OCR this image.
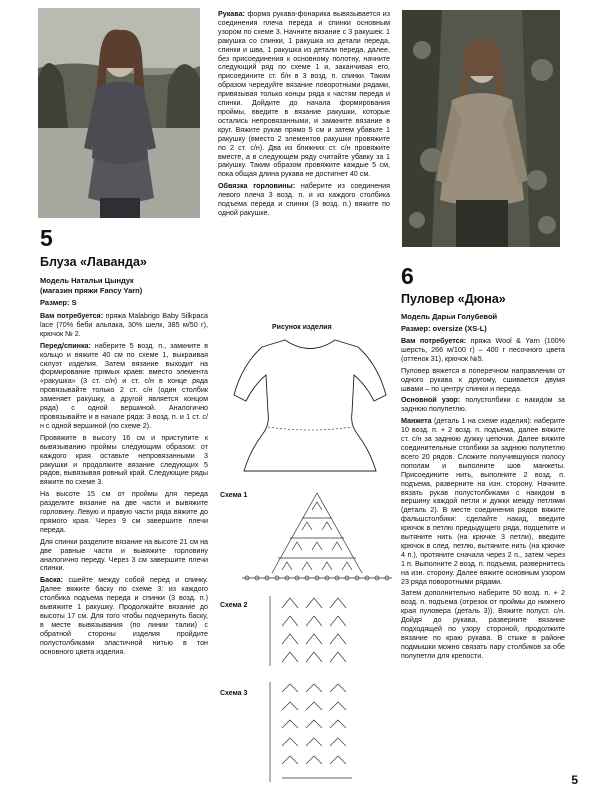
5
Блуза «Лаванда»
Модель Натальи Цындук
(магазин пряжи Fancy Yarn)
Размер: S

Вам потребуется: пряжа Malabrigo Baby Silkpaca lace (70% беби альпака, 30% шелк, 385 м/50 г), крючок № 2.

Перед/спинка: наберите 5 возд. п., замкните в кольцо и вяжите 40 см по схеме 1, выкраивая силуэт изделия. Затем вязание выходит на формирование прямых краев: вместо элемента «ракушка» (3 ст. с/н) и ст. с/н в конце ряда провязывайте только 2 ст. с/н (один столбик заменяет ракушку, а другой является концом ряда) с одной вершиной. Аналогично провязывайте и в начале ряда: 3 возд. п. и 1 ст. с/н с одной вершиной (по схеме 2).

Провяжите в высоту 16 см и приступите к вывязыванию проймы следующим образом: от каждого края оставьте непровязанными 3 ракушки и продолжите вязание следующих 5 рядов, вывязывая ровный край. Следующие ряды вяжите по схеме 3.

На высоте 15 см от проймы для переда разделите вязание на две части и вывяжите горловину. Левую и правую части ряда вяжите до прямого края. Через 9 см завершите плечи переда.

Для спинки разделите вязание на высоте 21 см на две равные части и вывяжите горловину аналогично переду. Через 3 см завершите плечи спинки.

Баска: сшейте между собой перед и спинку. Далее вяжите баску по схеме 3: из каждого столбика подъема переда и спинки (3 возд. п.) вывяжите 1 ракушку. Продолжайте вязание до высоты 17 см. Для того чтобы подчеркнуть баску, в месте вывязывания (по линии талии) с обратной стороны изделия пройдите полустолбиками эластичной нитью в тон основного цвета изделия.

Рукава: форма рукава-фонарика вывязывается из соединения плеча переда и спинки основным узором по схеме 3. Начните вязание с 3 ракушек: 1 ракушка со спинки, 1 ракушка из детали переда, спинки и шва, 1 ракушка из детали переда, далее, без присоединения к основному полотну, начните следующий ряд по схеме 1 и, заканчивая его, присоедините ст. б/н в 3 возд. п. спинки. Таким образом чередуйте вязание поворотными рядами, привязывая только концы ряда к частям переда и спинки. Дойдите до начала формирования проймы, введите в вязание ракушки, которые остались непровязанными, и замкните вязание в круг. Вяжите рукав прямо 5 см и затем убавьте 1 ракушку (вместо 2 элементов ракушки провяжите по 2 ст. с/н). Два из ближних ст. с/н провяжите вместе, а в следующем ряду считайте убавку за 1 ракушку. Таким образом провяжите каждые 5 см, пока общая длина рукава не достигнет 40 см.

Обвязка горловины: наберите из соединения левого плеча 3 возд. п. и из каждого столбика подъема переда и спинки (3 возд. п.) вяжите по одной ракушке.

Рисунок изделия
Схема 1
Схема 2
Схема 3
6
Пуловер «Дюна»
Модель Дарьи Голубевой
Размер: oversize (XS-L)

Вам потребуется: пряжа Wool & Yarn (100% шерсть, 266 м/100 г) – 400 г песочного цвета (оттенок 31), крючок №5.

Пуловер вяжется в поперечном направлении от одного рукава к другому, сшивается двумя швами – по центру спинки и переда.

Основной узор: полустолбики с накидом за заднюю полупетлю.

Манжета (деталь 1 на схеме изделия): наберите 10 возд. п. + 2 возд. п. подъема, далее вяжите ст. с/н за заднюю дужку цепочки. Далее вяжите соединительные столбики за заднюю полупетлю всего 20 рядов. Сложите получившуюся полосу пополам и выполните шов манжеты. Присоедините нить, выполните 2 возд. п. подъема, разверните на изн. сторону. Начните вязать рукав полустолбиками с накидом в вершину каждой петли и дужки между петлями (деталь 2). В месте соединения рядов вяжите фальшстолбики: сделайте накид, введите крючок в петлю предыдущего ряда, подцепите и вытяните нить (на крючке 3 петли), введите крючок в след. петлю, вытяните нить (на крючке 4 п.), протяните сначала через 2 п., затем через 1 п. Выполните 2 возд. п. подъема, развернитесь на изн. сторону. Далее вяжите основным узором 23 ряда поворотными рядами.

Затем дополнительно наберите 50 возд. п. + 2 возд. п. подъема (отрезок от проймы до нижнего края пуловера (деталь 3)). Вяжите полуст. с/н. Дойдя до рукава, разверните вязание подходящей по узору стороной, продолжите вязание по краю рукава. В стыке в районе подмышки можно связать пару столбиков за обе полупетли для крепости.

5
